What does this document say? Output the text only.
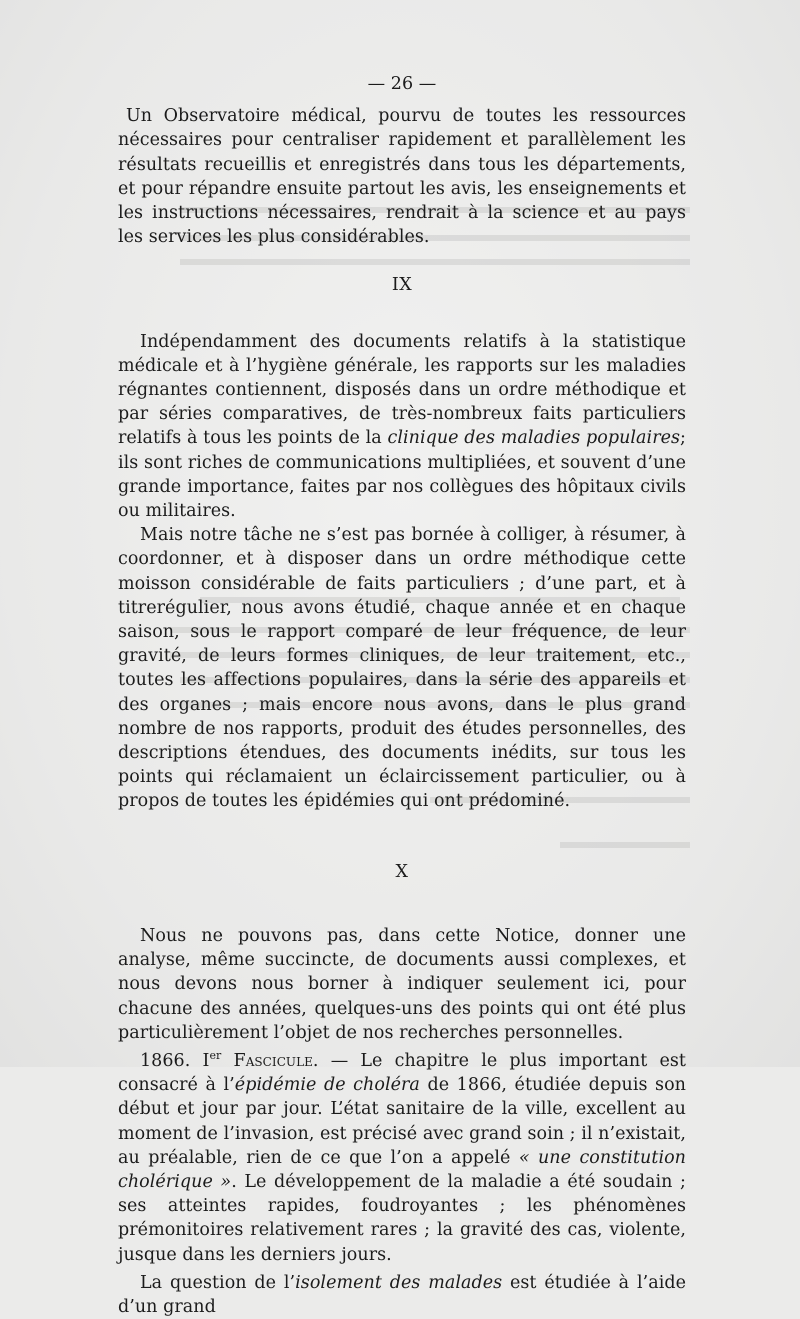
— 26 —

Un Observatoire médical, pourvu de toutes les ressources nécessaires pour centraliser rapidement et parallèlement les résultats recueillis et enregistrés dans tous les départements, et pour répandre ensuite partout les avis, les enseignements et les instructions nécessaires, rendrait à la science et au pays les services les plus considérables.

IX

Indépendamment des documents relatifs à la statistique médicale et à l’hygiène générale, les rapports sur les maladies régnantes contiennent, disposés dans un ordre méthodique et par séries comparatives, de très-nombreux faits particuliers relatifs à tous les points de la clinique des maladies populaires; ils sont riches de communications multipliées, et souvent d’une grande importance, faites par nos collègues des hôpitaux civils ou militaires.

Mais notre tâche ne s’est pas bornée à colliger, à résumer, à coordonner, et à disposer dans un ordre méthodique cette moisson considérable de faits particuliers ; d’une part, et à titrerégulier, nous avons étudié, chaque année et en chaque saison, sous le rapport comparé de leur fréquence, de leur gravité, de leurs formes cliniques, de leur traitement, etc., toutes les affections populaires, dans la série des appareils et des organes ; mais encore nous avons, dans le plus grand nombre de nos rapports, produit des études personnelles, des descriptions étendues, des documents inédits, sur tous les points qui réclamaient un éclaircissement particulier, ou à propos de toutes les épidémies qui ont prédominé.

X

Nous ne pouvons pas, dans cette Notice, donner une analyse, même succincte, de documents aussi complexes, et nous devons nous borner à indiquer seulement ici, pour chacune des années, quelques-uns des points qui ont été plus particulièrement l’objet de nos recherches personnelles.

1866. Ier Fascicule. — Le chapitre le plus important est consacré à l’épidémie de choléra de 1866, étudiée depuis son début et jour par jour. L’état sanitaire de la ville, excellent au moment de l’invasion, est précisé avec grand soin ; il n’existait, au préalable, rien de ce que l’on a appelé « une constitution cholérique ». Le développement de la maladie a été soudain ; ses atteintes rapides, foudroyantes ; les phénomènes prémonitoires relativement rares ; la gravité des cas, violente, jusque dans les derniers jours.

La question de l’isolement des malades est étudiée à l’aide d’un grand
